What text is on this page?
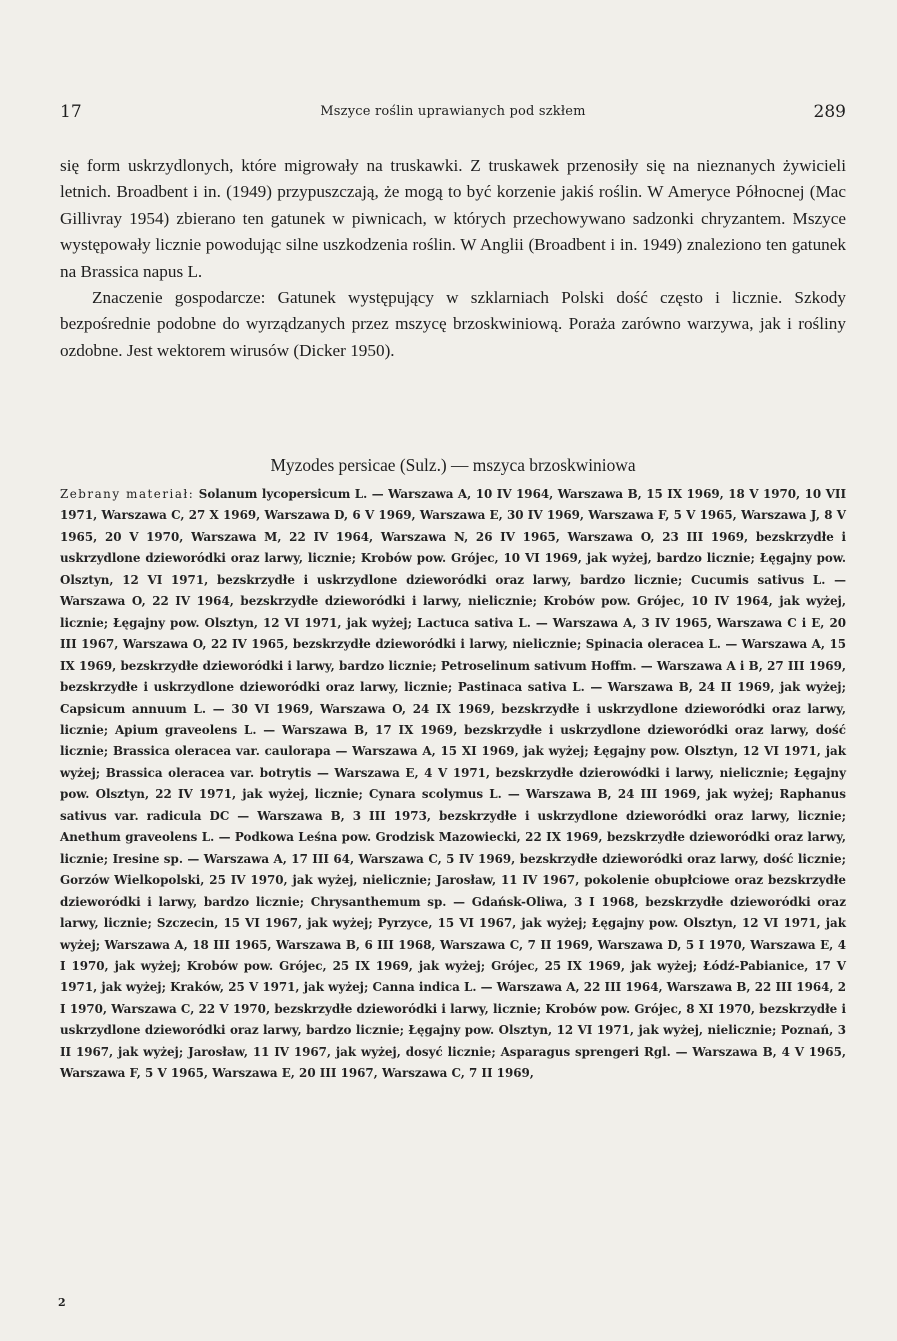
17	Mszyce roślin uprawianych pod szkłem	289

się form uskrzydlonych, które migrowały na truskawki. Z truskawek przenosiły się na nieznanych żywicieli letnich. Broadbent i in. (1949) przypuszczają, że mogą to być korzenie jakiś roślin. W Ameryce Północnej (Mac Gillivray 1954) zbierano ten gatunek w piwnicach, w których przechowywano sadzonki chryzantem. Mszyce występowały licznie powodując silne uszkodzenia roślin. W Anglii (Broadbent i in. 1949) znaleziono ten gatunek na Brassica napus L.

Znaczenie gospodarcze: Gatunek występujący w szklarniach Polski dość często i licznie. Szkody bezpośrednie podobne do wyrządzanych przez mszycę brzoskwiniową. Poraża zarówno warzywa, jak i rośliny ozdobne. Jest wektorem wirusów (Dicker 1950).

Myzodes persicae (Sulz.) — mszyca brzoskwiniowa
Zebrany materiał: Solanum lycopersicum L. — Warszawa A, 10 IV 1964, Warszawa B, 15 IX 1969, 18 V 1970, 10 VII 1971, Warszawa C, 27 X 1969, Warszawa D, 6 V 1969, Warszawa E, 30 IV 1969, Warszawa F, 5 V 1965, Warszawa J, 8 V 1965, 20 V 1970, Warszawa M, 22 IV 1964, Warszawa N, 26 IV 1965, Warszawa O, 23 III 1969, bezskrzydłe i uskrzydlone dzieworódki oraz larwy, licznie; Krobów pow. Grójec, 10 VI 1969, jak wyżej, bardzo licznie; Łęgajny pow. Olsztyn, 12 VI 1971, bezskrzydłe i uskrzydlone dzieworódki oraz larwy, bardzo licznie; Cucumis sativus L. — Warszawa O, 22 IV 1964, bezskrzydłe dzieworódki i larwy, nielicznie; Krobów pow. Grójec, 10 IV 1964, jak wyżej, licznie; Łęgajny pow. Olsztyn, 12 VI 1971, jak wyżej; Lactuca sativa L. — Warszawa A, 3 IV 1965, Warszawa C i E, 20 III 1967, Warszawa O, 22 IV 1965, bezskrzydłe dzieworódki i larwy, nielicznie; Spinacia oleracea L. — Warszawa A, 15 IX 1969, bezskrzydłe dzieworódki i larwy, bardzo licznie; Petroselinum sativum Hoffm. — Warszawa A i B, 27 III 1969, bezskrzydłe i uskrzydlone dzieworódki oraz larwy, licznie; Pastinaca sativa L. — Warszawa B, 24 II 1969, jak wyżej; Capsicum annuum L. — 30 VI 1969, Warszawa O, 24 IX 1969, bezskrzydłe i uskrzydlone dzieworódki oraz larwy, licznie; Apium graveolens L. — Warszawa B, 17 IX 1969, bezskrzydłe i uskrzydlone dzieworódki oraz larwy, dość licznie; Brassica oleracea var. caulorapa — Warszawa A, 15 XI 1969, jak wyżej; Łęgajny pow. Olsztyn, 12 VI 1971, jak wyżej; Brassica oleracea var. botrytis — Warszawa E, 4 V 1971, bezskrzydłe dzierowódki i larwy, nielicznie; Łęgajny pow. Olsztyn, 22 IV 1971, jak wyżej, licznie; Cynara scolymus L. — Warszawa B, 24 III 1969, jak wyżej; Raphanus sativus var. radicula DC — Warszawa B, 3 III 1973, bezskrzydłe i uskrzydlone dzieworódki oraz larwy, licznie; Anethum graveolens L. — Podkowa Leśna pow. Grodzisk Mazowiecki, 22 IX 1969, bezskrzydłe dzieworódki oraz larwy, licznie; Iresine sp. — Warszawa A, 17 III 64, Warszawa C, 5 IV 1969, bezskrzydłe dzieworódki oraz larwy, dość licznie; Gorzów Wielkopolski, 25 IV 1970, jak wyżej, nielicznie; Jarosław, 11 IV 1967, pokolenie obupłciowe oraz bezskrzydłe dzieworódki i larwy, bardzo licznie; Chrysanthemum sp. — Gdańsk-Oliwa, 3 I 1968, bezskrzydłe dzieworódki oraz larwy, licznie; Szczecin, 15 VI 1967, jak wyżej; Pyrzyce, 15 VI 1967, jak wyżej; Łęgajny pow. Olsztyn, 12 VI 1971, jak wyżej; Warszawa A, 18 III 1965, Warszawa B, 6 III 1968, Warszawa C, 7 II 1969, Warszawa D, 5 I 1970, Warszawa E, 4 I 1970, jak wyżej; Krobów pow. Grójec, 25 IX 1969, jak wyżej; Grójec, 25 IX 1969, jak wyżej; Łódź-Pabianice, 17 V 1971, jak wyżej; Kraków, 25 V 1971, jak wyżej; Canna indica L. — Warszawa A, 22 III 1964, Warszawa B, 22 III 1964, 2 I 1970, Warszawa C, 22 V 1970, bezskrzydłe dzieworódki i larwy, licznie; Krobów pow. Grójec, 8 XI 1970, bezskrzydłe i uskrzydlone dzieworódki oraz larwy, bardzo licznie; Łęgajny pow. Olsztyn, 12 VI 1971, jak wyżej, nielicznie; Poznań, 3 II 1967, jak wyżej; Jarosław, 11 IV 1967, jak wyżej, dosyć licznie; Asparagus sprengeri Rgl. — Warszawa B, 4 V 1965, Warszawa F, 5 V 1965, Warszawa E, 20 III 1967, Warszawa C, 7 II 1969,
2
